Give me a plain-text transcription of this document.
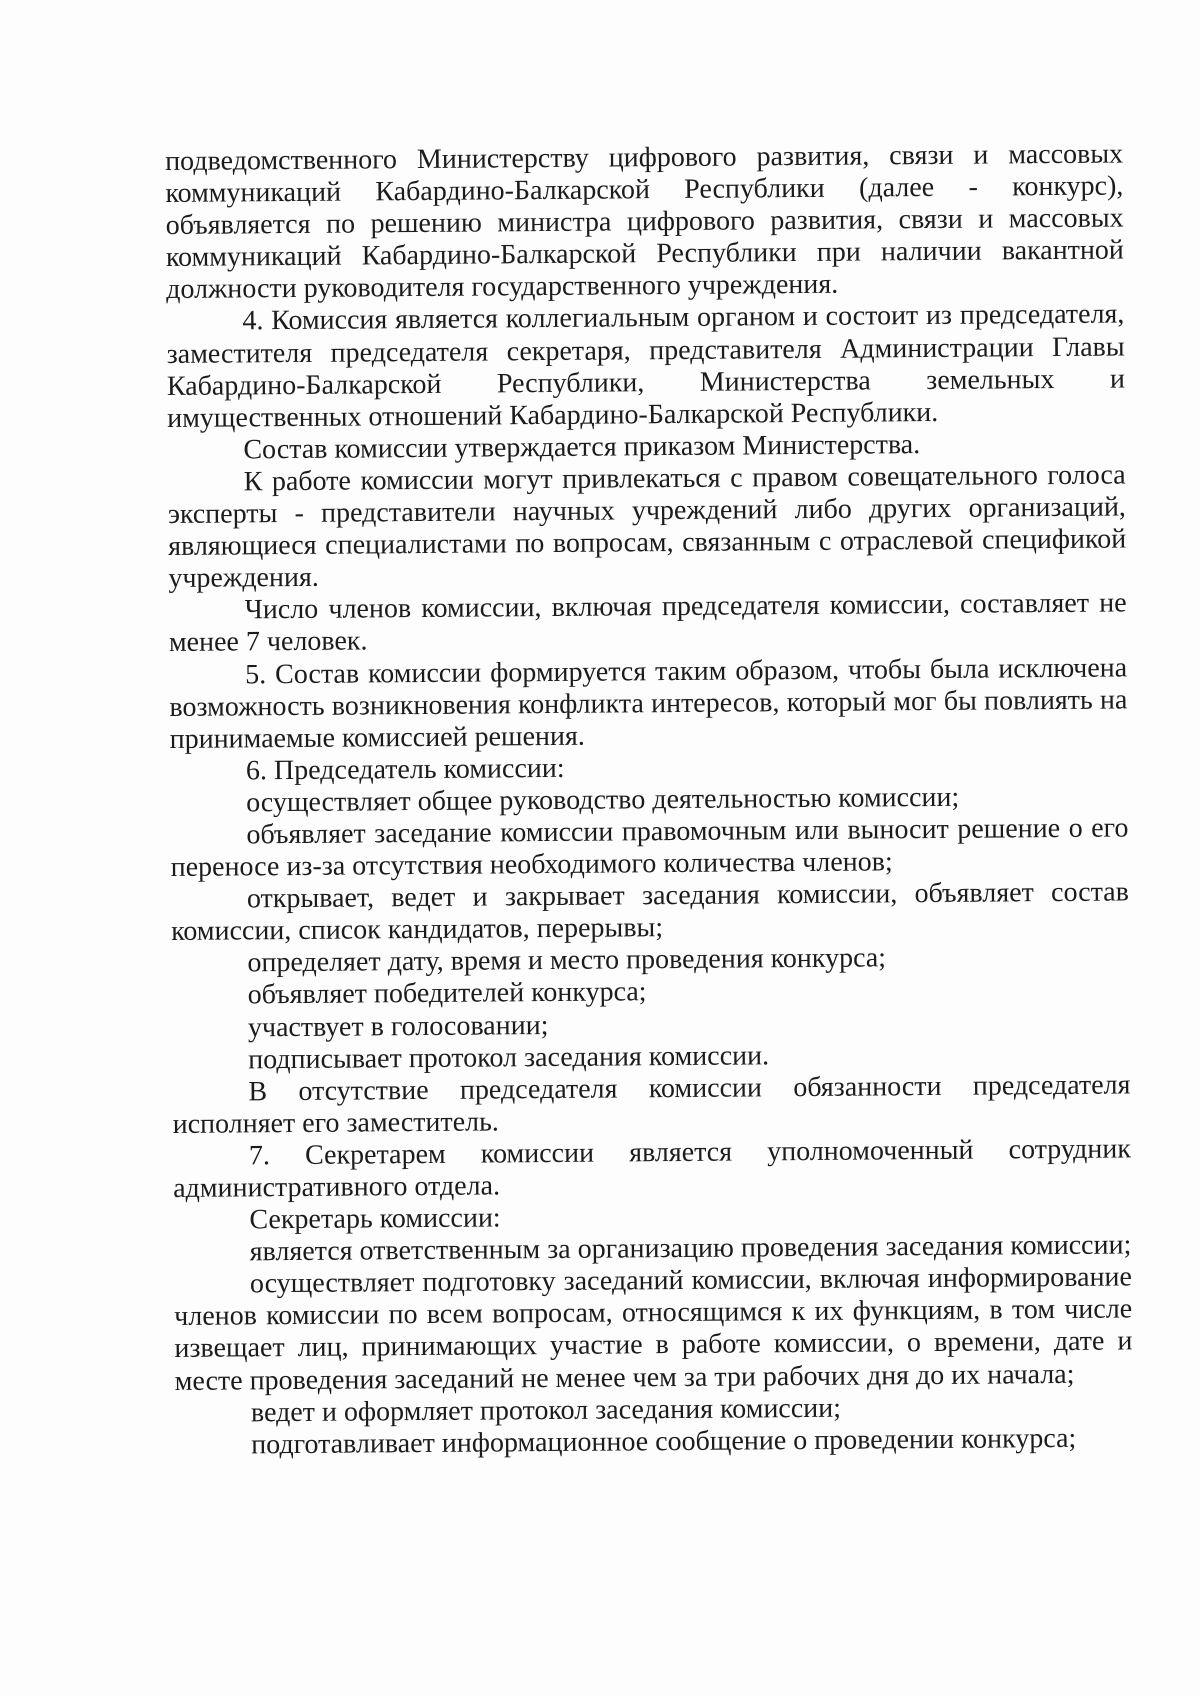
подведомственного Министерству цифрового развития, связи и массовых коммуникаций Кабардино-Балкарской Республики (далее - конкурс), объявляется по решению министра цифрового развития, связи и массовых коммуникаций Кабардино-Балкарской Республики при наличии вакантной должности руководителя государственного учреждения.

4. Комиссия является коллегиальным органом и состоит из председателя, заместителя председателя секретаря, представителя Администрации Главы Кабардино-Балкарской Республики, Министерства земельных и имущественных отношений Кабардино-Балкарской Республики.

Состав комиссии утверждается приказом Министерства.

К работе комиссии могут привлекаться с правом совещательного голоса эксперты - представители научных учреждений либо других организаций, являющиеся специалистами по вопросам, связанным с отраслевой спецификой учреждения.

Число членов комиссии, включая председателя комиссии, составляет не менее 7 человек.

5. Состав комиссии формируется таким образом, чтобы была исключена возможность возникновения конфликта интересов, который мог бы повлиять на принимаемые комиссией решения.

6. Председатель комиссии:

осуществляет общее руководство деятельностью комиссии;

объявляет заседание комиссии правомочным или выносит решение о его переносе из-за отсутствия необходимого количества членов;

открывает, ведет и закрывает заседания комиссии, объявляет состав комиссии, список кандидатов, перерывы;

определяет дату, время и место проведения конкурса;

объявляет победителей конкурса;

участвует в голосовании;

подписывает протокол заседания комиссии.

В отсутствие председателя комиссии обязанности председателя исполняет его заместитель.

7. Секретарем комиссии является уполномоченный сотрудник административного отдела.

Секретарь комиссии:

является ответственным за организацию проведения заседания комиссии;

осуществляет подготовку заседаний комиссии, включая информирование членов комиссии по всем вопросам, относящимся к их функциям, в том числе извещает лиц, принимающих участие в работе комиссии, о времени, дате и месте проведения заседаний не менее чем за три рабочих дня до их начала;

ведет и оформляет протокол заседания комиссии;

подготавливает информационное сообщение о проведении конкурса;
